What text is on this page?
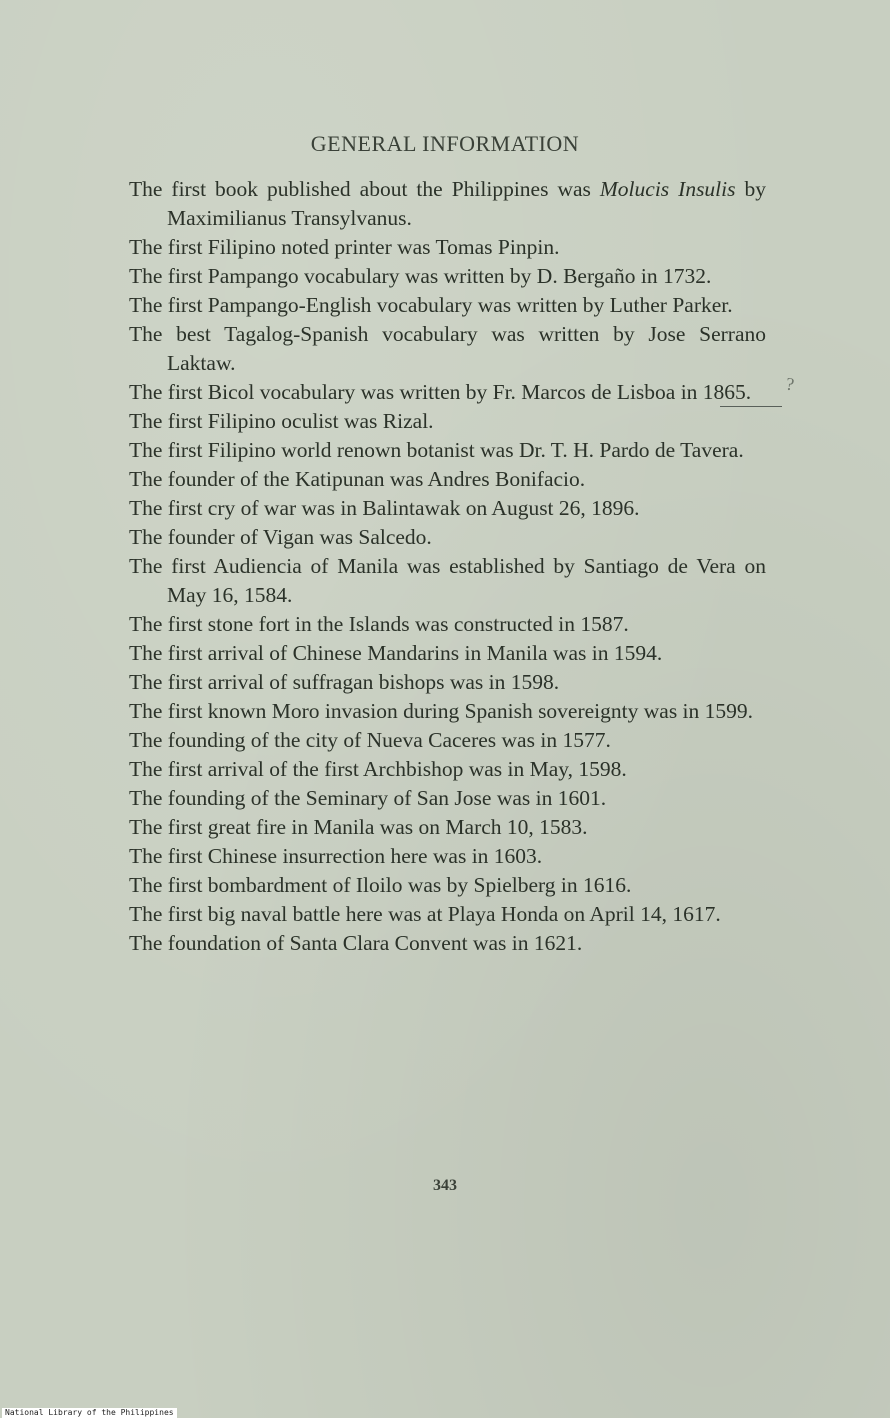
GENERAL INFORMATION
The first book published about the Philippines was Molucis Insulis by Maximilianus Transylvanus.
The first Filipino noted printer was Tomas Pinpin.
The first Pampango vocabulary was written by D. Bergaño in 1732.
The first Pampango-English vocabulary was written by Luther Parker.
The best Tagalog-Spanish vocabulary was written by Jose Serrano Laktaw.
The first Bicol vocabulary was written by Fr. Marcos de Lisboa in 1865.
The first Filipino oculist was Rizal.
The first Filipino world renown botanist was Dr. T. H. Pardo de Tavera.
The founder of the Katipunan was Andres Bonifacio.
The first cry of war was in Balintawak on August 26, 1896.
The founder of Vigan was Salcedo.
The first Audiencia of Manila was established by Santiago de Vera on May 16, 1584.
The first stone fort in the Islands was constructed in 1587.
The first arrival of Chinese Mandarins in Manila was in 1594.
The first arrival of suffragan bishops was in 1598.
The first known Moro invasion during Spanish sovereignty was in 1599.
The founding of the city of Nueva Caceres was in 1577.
The first arrival of the first Archbishop was in May, 1598.
The founding of the Seminary of San Jose was in 1601.
The first great fire in Manila was on March 10, 1583.
The first Chinese insurrection here was in 1603.
The first bombardment of Iloilo was by Spielberg in 1616.
The first big naval battle here was at Playa Honda on April 14, 1617.
The foundation of Santa Clara Convent was in 1621.
?
343
National Library of the Philippines
